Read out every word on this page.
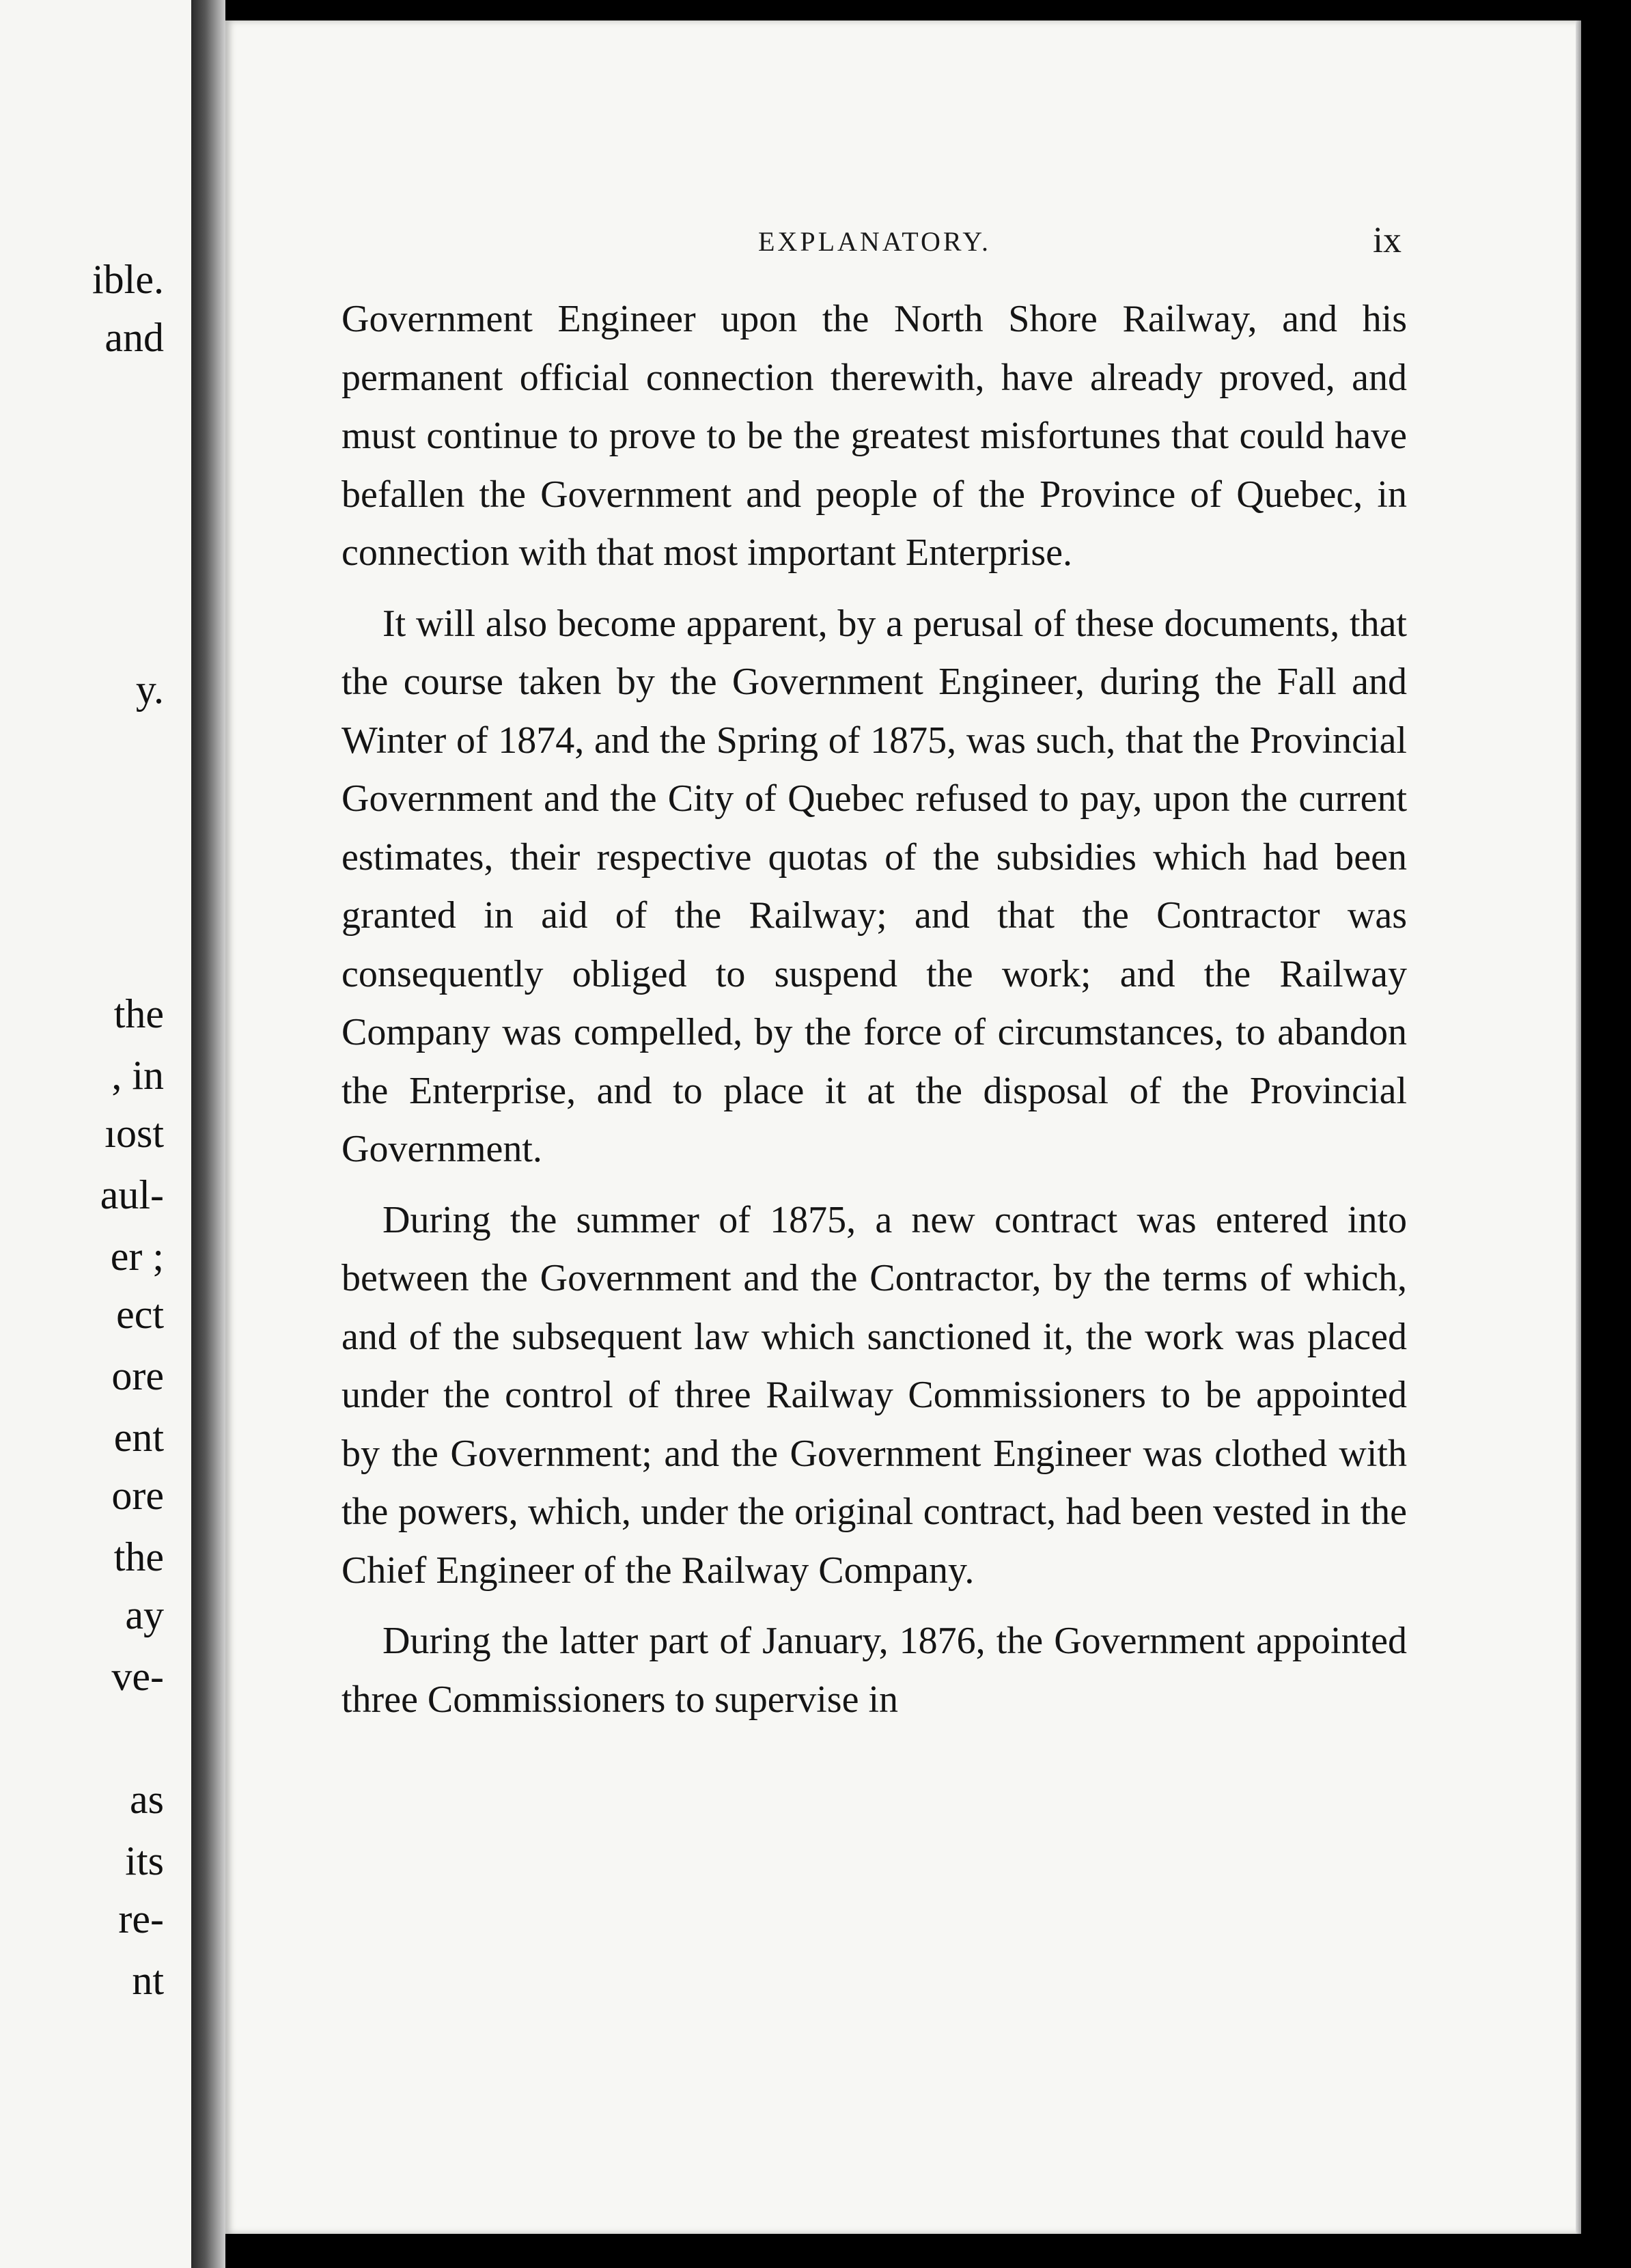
ible.
and
y.
the
, in
ıost
aul-
er ;
ect
ore
ent
ore
the
ay
ve-
as
its
re-
nt
EXPLANATORY.	ix

Government Engineer upon the North Shore Railway, and his permanent official connection therewith, have already proved, and must continue to prove to be the greatest misfortunes that could have befallen the Government and people of the Province of Quebec, in connection with that most important Enterprise.

It will also become apparent, by a perusal of these documents, that the course taken by the Government Engineer, during the Fall and Winter of 1874, and the Spring of 1875, was such, that the Provincial Government and the City of Quebec refused to pay, upon the current estimates, their respective quotas of the subsidies which had been granted in aid of the Railway; and that the Contractor was consequently obliged to suspend the work; and the Railway Company was compelled, by the force of circumstances, to abandon the Enterprise, and to place it at the disposal of the Provincial Government.

During the summer of 1875, a new contract was entered into between the Government and the Contractor, by the terms of which, and of the subsequent law which sanctioned it, the work was placed under the control of three Railway Commissioners to be appointed by the Government; and the Government Engineer was clothed with the powers, which, under the original contract, had been vested in the Chief Engineer of the Railway Company.

During the latter part of January, 1876, the Government appointed three Commissioners to supervise in
